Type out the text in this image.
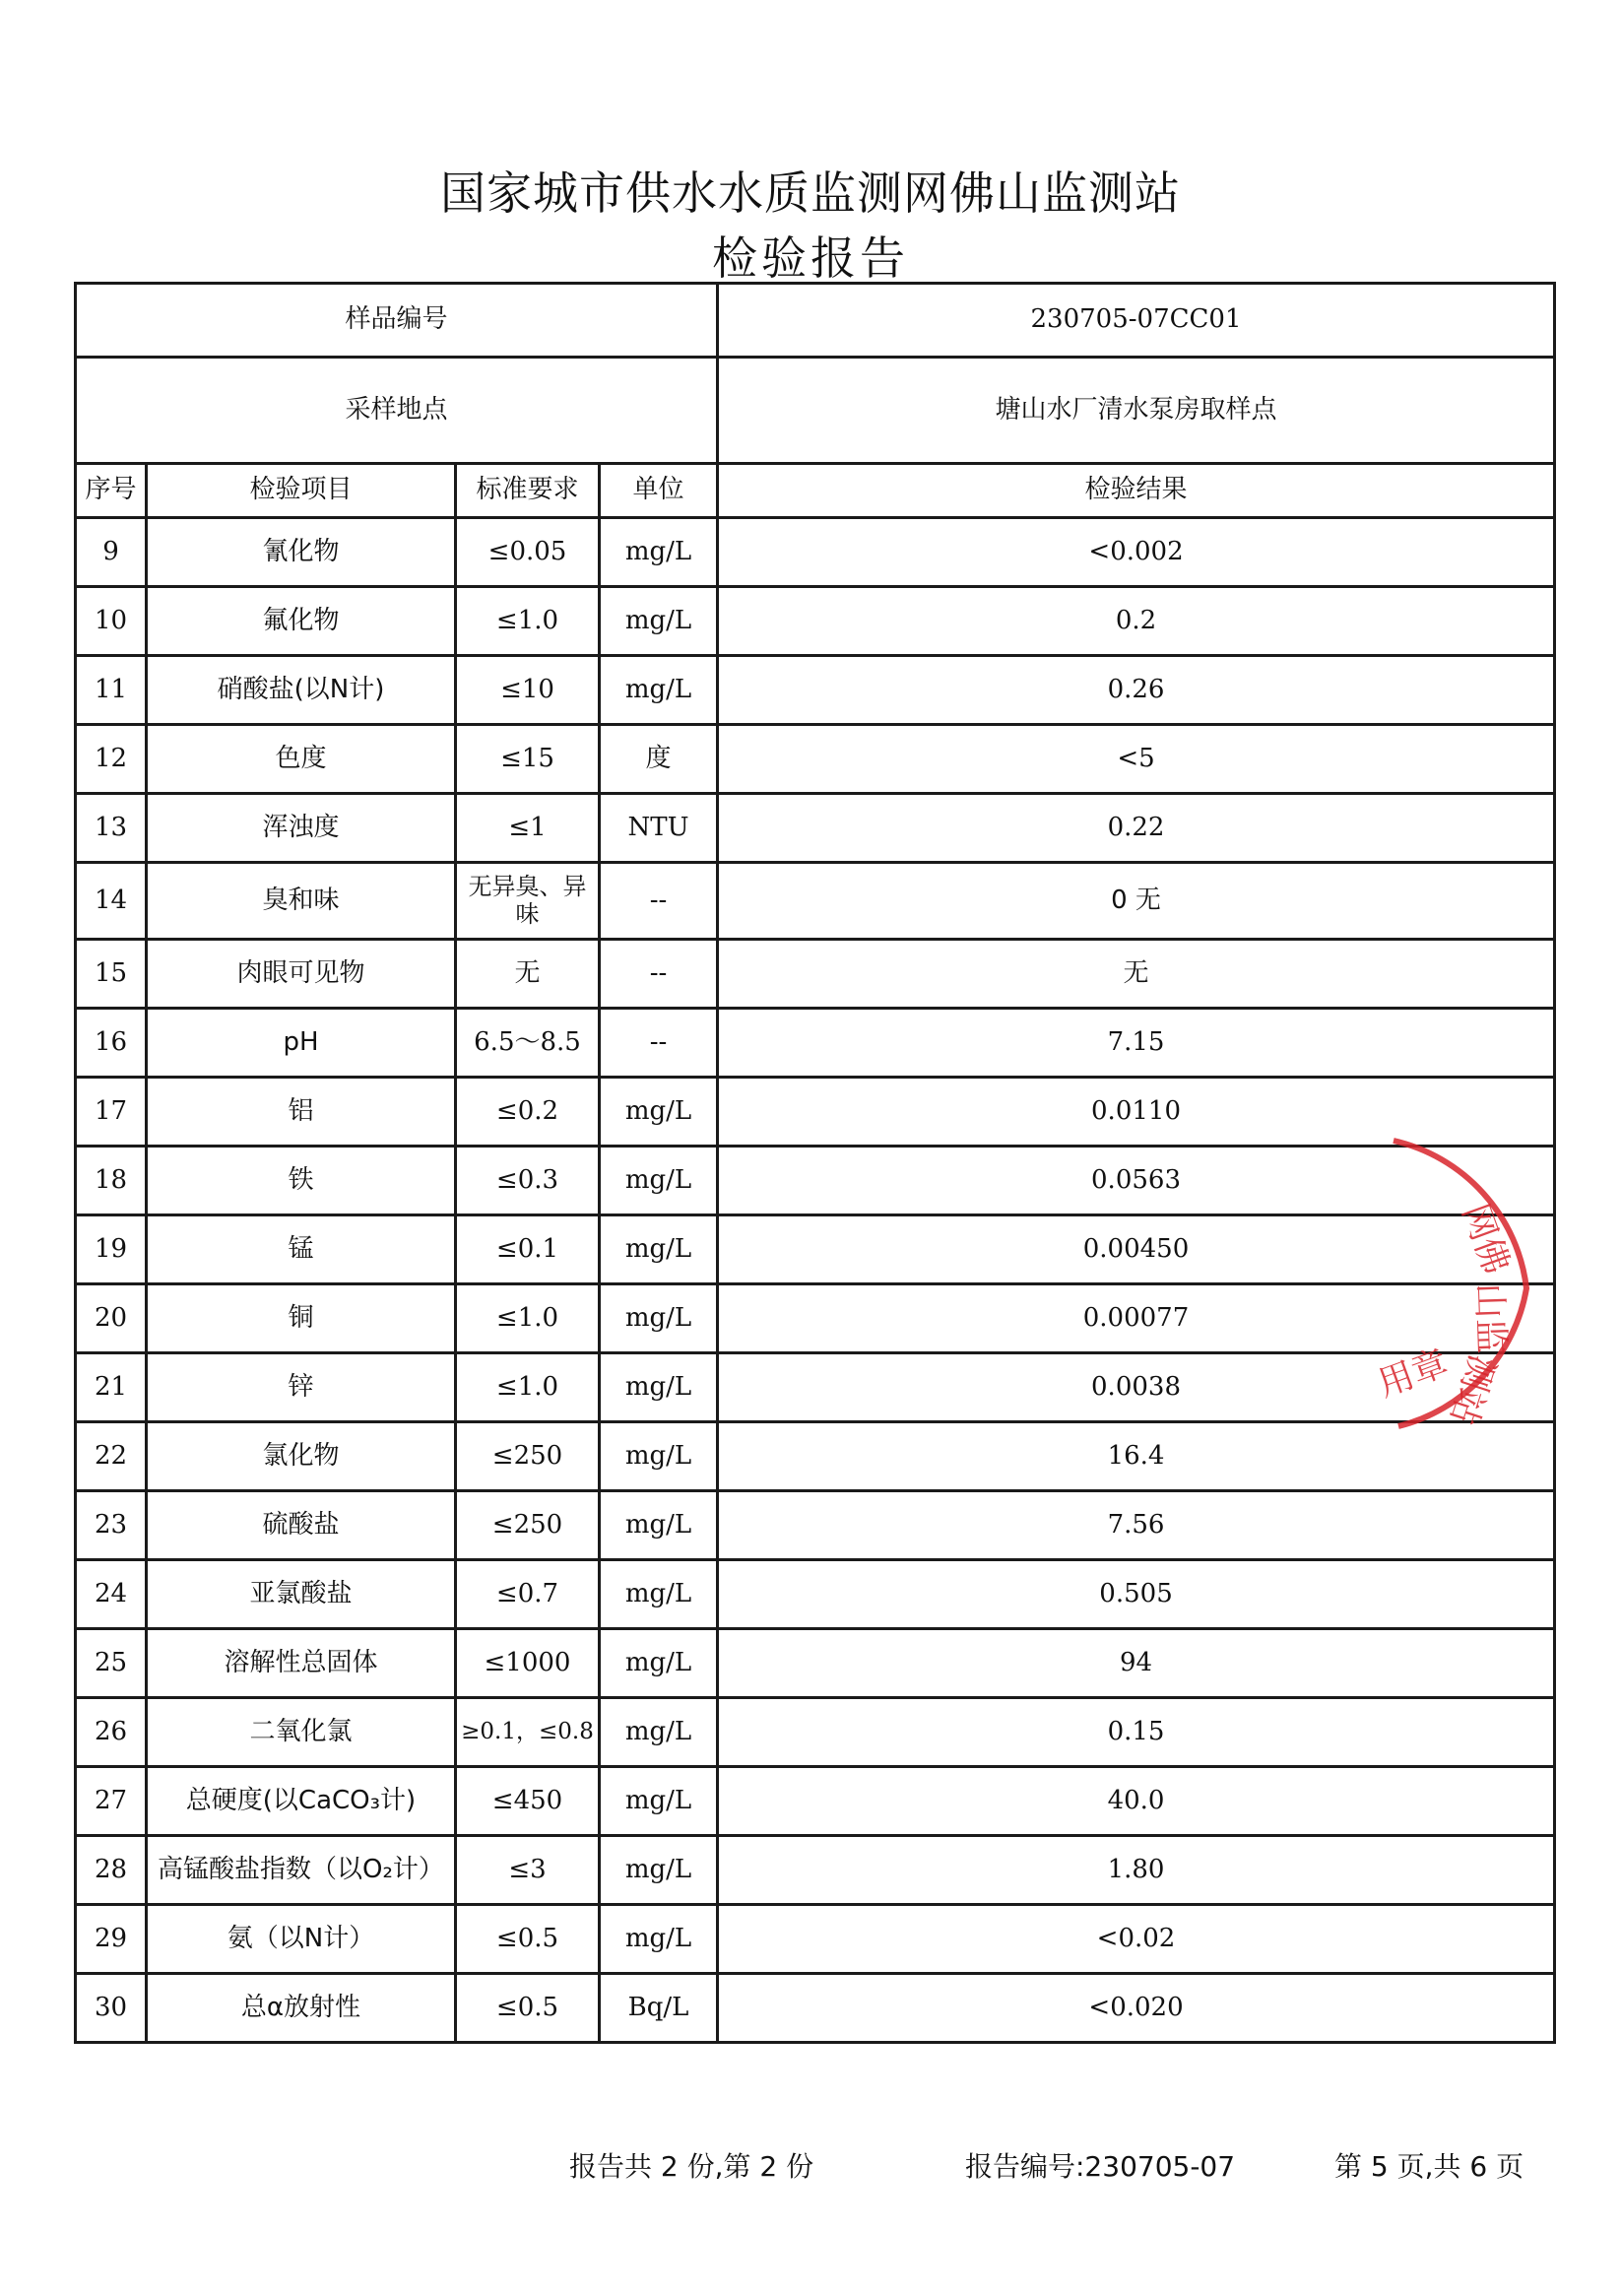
国家城市供水水质监测网佛山监测站
检验报告
样品编号				230705-07CC01
采样地点				塘山水厂清水泵房取样点
序号	检验项目	标准要求	单位	检验结果
9	氰化物	≤0.05	mg/L	<0.002
10	氟化物	≤1.0	mg/L	0.2
11	硝酸盐(以N计)	≤10	mg/L	0.26
12	色度	≤15	度	<5
13	浑浊度	≤1	NTU	0.22
14	臭和味	无异臭、异味	--	0 无
15	肉眼可见物	无	--	无
16	pH	6.5～8.5	--	7.15
17	铝	≤0.2	mg/L	0.0110
18	铁	≤0.3	mg/L	0.0563
19	锰	≤0.1	mg/L	0.00450
20	铜	≤1.0	mg/L	0.00077
21	锌	≤1.0	mg/L	0.0038
22	氯化物	≤250	mg/L	16.4
23	硫酸盐	≤250	mg/L	7.56
24	亚氯酸盐	≤0.7	mg/L	0.505
25	溶解性总固体	≤1000	mg/L	94
26	二氧化氯	≥0.1，≤0.8	mg/L	0.15
27	总硬度(以CaCO₃计)	≤450	mg/L	40.0
28	高锰酸盐指数（以O₂计）	≤3	mg/L	1.80
29	氨（以N计）	≤0.5	mg/L	<0.02
30	总α放射性	≤0.5	Bq/L	<0.020
网佛
山监
测站
用章
报告共 2 份,第 2 份	报告编号:230705-07	第 5 页,共 6 页
